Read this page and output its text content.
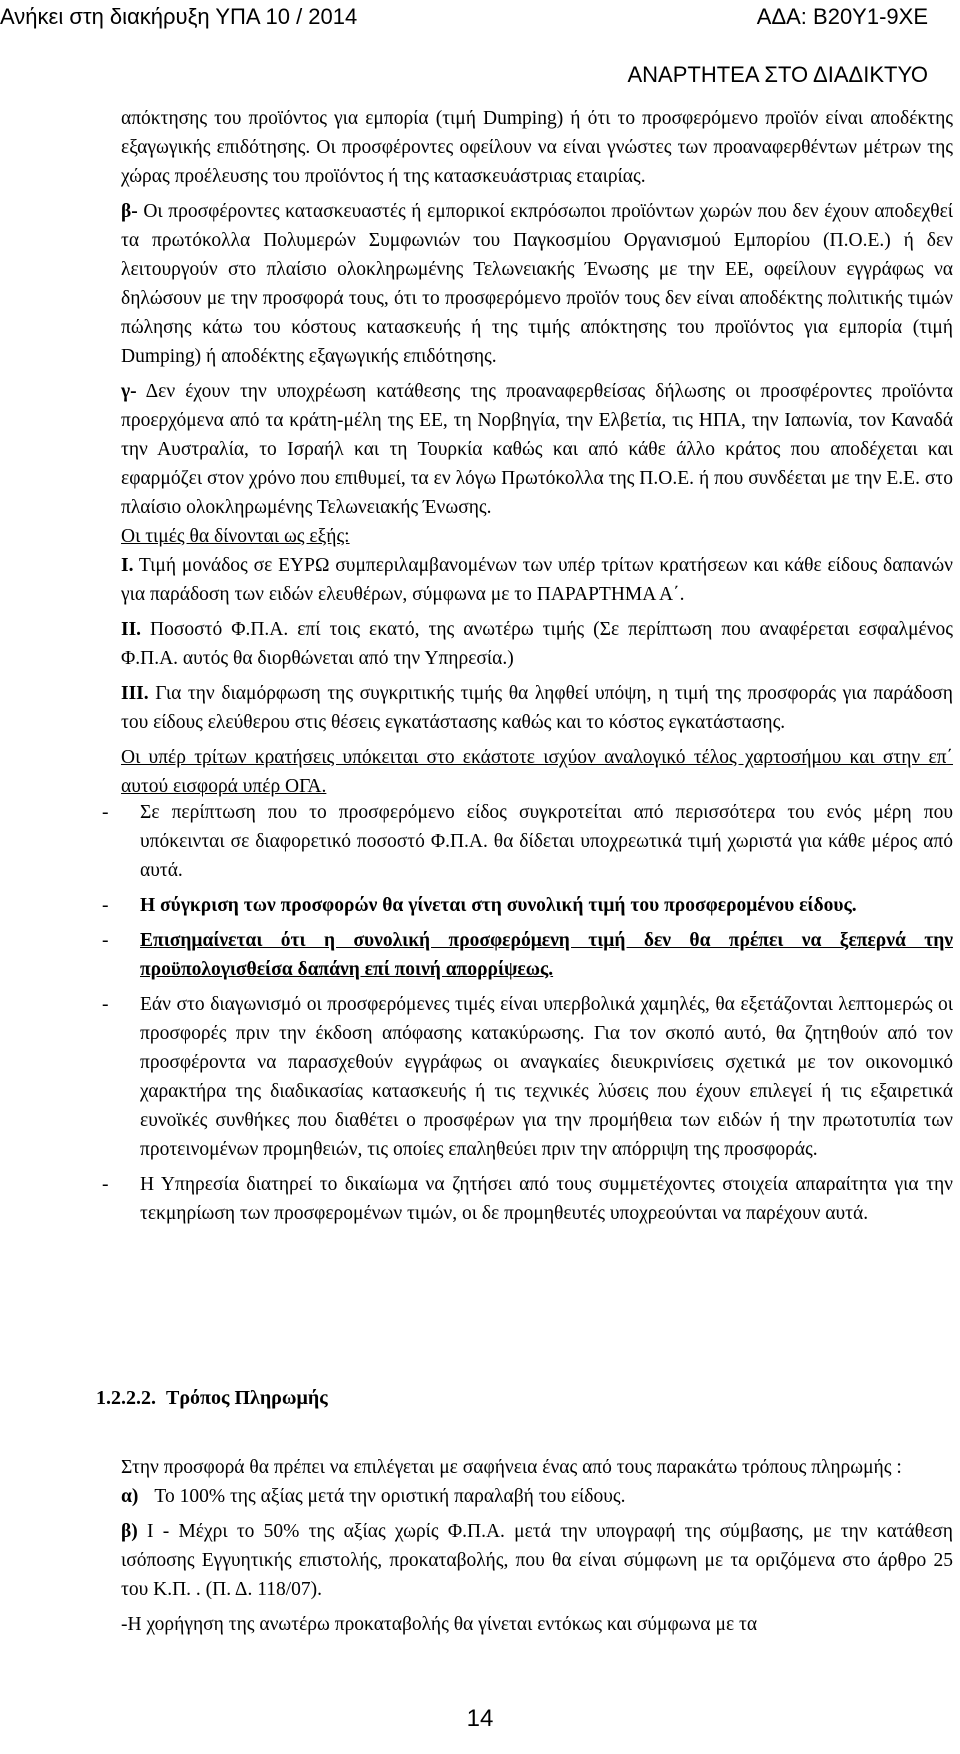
Ανήκει στη διακήρυξη ΥΠΑ 10 / 2014	ΑΔΑ: Β20Υ1-9ΧΕ
ΑΝΑΡΤΗΤΕΑ ΣΤΟ ΔΙΑΔΙΚΤΥΟ

απόκτησης του προϊόντος για εμπορία (τιμή Dumping) ή ότι το προσφερόμενο προϊόν είναι αποδέκτης εξαγωγικής επιδότησης. Οι προσφέροντες οφείλουν να είναι γνώστες των προαναφερθέντων μέτρων της χώρας προέλευσης του προϊόντος ή της κατασκευάστριας εταιρίας.

β- Οι προσφέροντες κατασκευαστές ή εμπορικοί εκπρόσωποι προϊόντων χωρών που δεν έχουν αποδεχθεί τα πρωτόκολλα Πολυμερών Συμφωνιών του Παγκοσμίου Οργανισμού Εμπορίου (Π.Ο.Ε.) ή δεν λειτουργούν στο πλαίσιο ολοκληρωμένης Τελωνειακής Ένωσης με την ΕΕ, οφείλουν εγγράφως να δηλώσουν με την προσφορά τους, ότι το προσφερόμενο προϊόν τους δεν είναι αποδέκτης πολιτικής τιμών πώλησης κάτω του κόστους κατασκευής ή της τιμής απόκτησης του προϊόντος για εμπορία (τιμή Dumping) ή αποδέκτης εξαγωγικής επιδότησης.

γ- Δεν έχουν την υποχρέωση κατάθεσης της προαναφερθείσας δήλωσης οι προσφέροντες προϊόντα προερχόμενα από τα κράτη-μέλη της ΕΕ, τη Νορβηγία, την Ελβετία, τις ΗΠΑ, την Ιαπωνία, τον Καναδά την Αυστραλία, το Ισραήλ και τη Τουρκία καθώς και από κάθε άλλο κράτος που αποδέχεται και εφαρμόζει στον χρόνο που επιθυμεί, τα εν λόγω Πρωτόκολλα της Π.Ο.Ε. ή που συνδέεται με την Ε.Ε. στο πλαίσιο ολοκληρωμένης Τελωνειακής Ένωσης.

Οι τιμές θα δίνονται ως εξής:

Ι. Τιμή μονάδος σε ΕΥΡΩ συμπεριλαμβανομένων των υπέρ τρίτων κρατήσεων και κάθε είδους δαπανών για παράδοση των ειδών ελευθέρων, σύμφωνα με το ΠΑΡΑΡΤΗΜΑ Α΄.

ΙΙ. Ποσοστό Φ.Π.Α. επί τοις εκατό, της ανωτέρω τιμής (Σε περίπτωση που αναφέρεται εσφαλμένος Φ.Π.Α. αυτός θα διορθώνεται από την Υπηρεσία.)

ΙΙΙ. Για την διαμόρφωση της συγκριτικής τιμής θα ληφθεί υπόψη, η τιμή της προσφοράς για παράδοση του είδους ελεύθερου στις θέσεις εγκατάστασης καθώς και το κόστος εγκατάστασης.

Οι υπέρ τρίτων κρατήσεις υπόκειται στο εκάστοτε ισχύον αναλογικό τέλος χαρτοσήμου και στην επ΄ αυτού εισφορά υπέρ ΟΓΑ.

- Σε περίπτωση που το προσφερόμενο είδος συγκροτείται από περισσότερα του ενός μέρη που υπόκεινται σε διαφορετικό ποσοστό Φ.Π.Α. θα δίδεται υποχρεωτικά τιμή χωριστά για κάθε μέρος από αυτά.

- Η σύγκριση των προσφορών θα γίνεται στη συνολική τιμή του προσφερομένου είδους.

- Επισημαίνεται ότι η συνολική προσφερόμενη τιμή δεν θα πρέπει να ξεπερνά την προϋπολογισθείσα δαπάνη επί ποινή απορρίψεως.

- Εάν στο διαγωνισμό οι προσφερόμενες τιμές είναι υπερβολικά χαμηλές, θα εξετάζονται λεπτομερώς οι προσφορές πριν την έκδοση απόφασης κατακύρωσης. Για τον σκοπό αυτό, θα ζητηθούν από τον προσφέροντα να παρασχεθούν εγγράφως οι αναγκαίες διευκρινίσεις σχετικά με τον οικονομικό χαρακτήρα της διαδικασίας κατασκευής ή τις τεχνικές λύσεις που έχουν επιλεγεί ή τις εξαιρετικά ευνοϊκές συνθήκες που διαθέτει ο προσφέρων για την προμήθεια των ειδών ή την πρωτοτυπία των προτεινομένων προμηθειών, τις οποίες επαληθεύει πριν την απόρριψη της προσφοράς.

- Η Υπηρεσία διατηρεί το δικαίωμα να ζητήσει από τους συμμετέχοντες στοιχεία απαραίτητα για την τεκμηρίωση των προσφερομένων τιμών, οι δε προμηθευτές υποχρεούνται να παρέχουν αυτά.

1.2.2.2. Τρόπος Πληρωμής

Στην προσφορά θα πρέπει να επιλέγεται με σαφήνεια ένας από τους παρακάτω τρόπους πληρωμής :

α) Το 100% της αξίας μετά την οριστική παραλαβή του είδους.

β) Ι - Μέχρι το 50% της αξίας χωρίς Φ.Π.Α. μετά την υπογραφή της σύμβασης, με την κατάθεση ισόποσης Εγγυητικής επιστολής, προκαταβολής, που θα είναι σύμφωνη με τα οριζόμενα στο άρθρο 25 του Κ.Π. . (Π. Δ. 118/07).

-Η χορήγηση της ανωτέρω προκαταβολής θα γίνεται εντόκως και σύμφωνα με τα

14
